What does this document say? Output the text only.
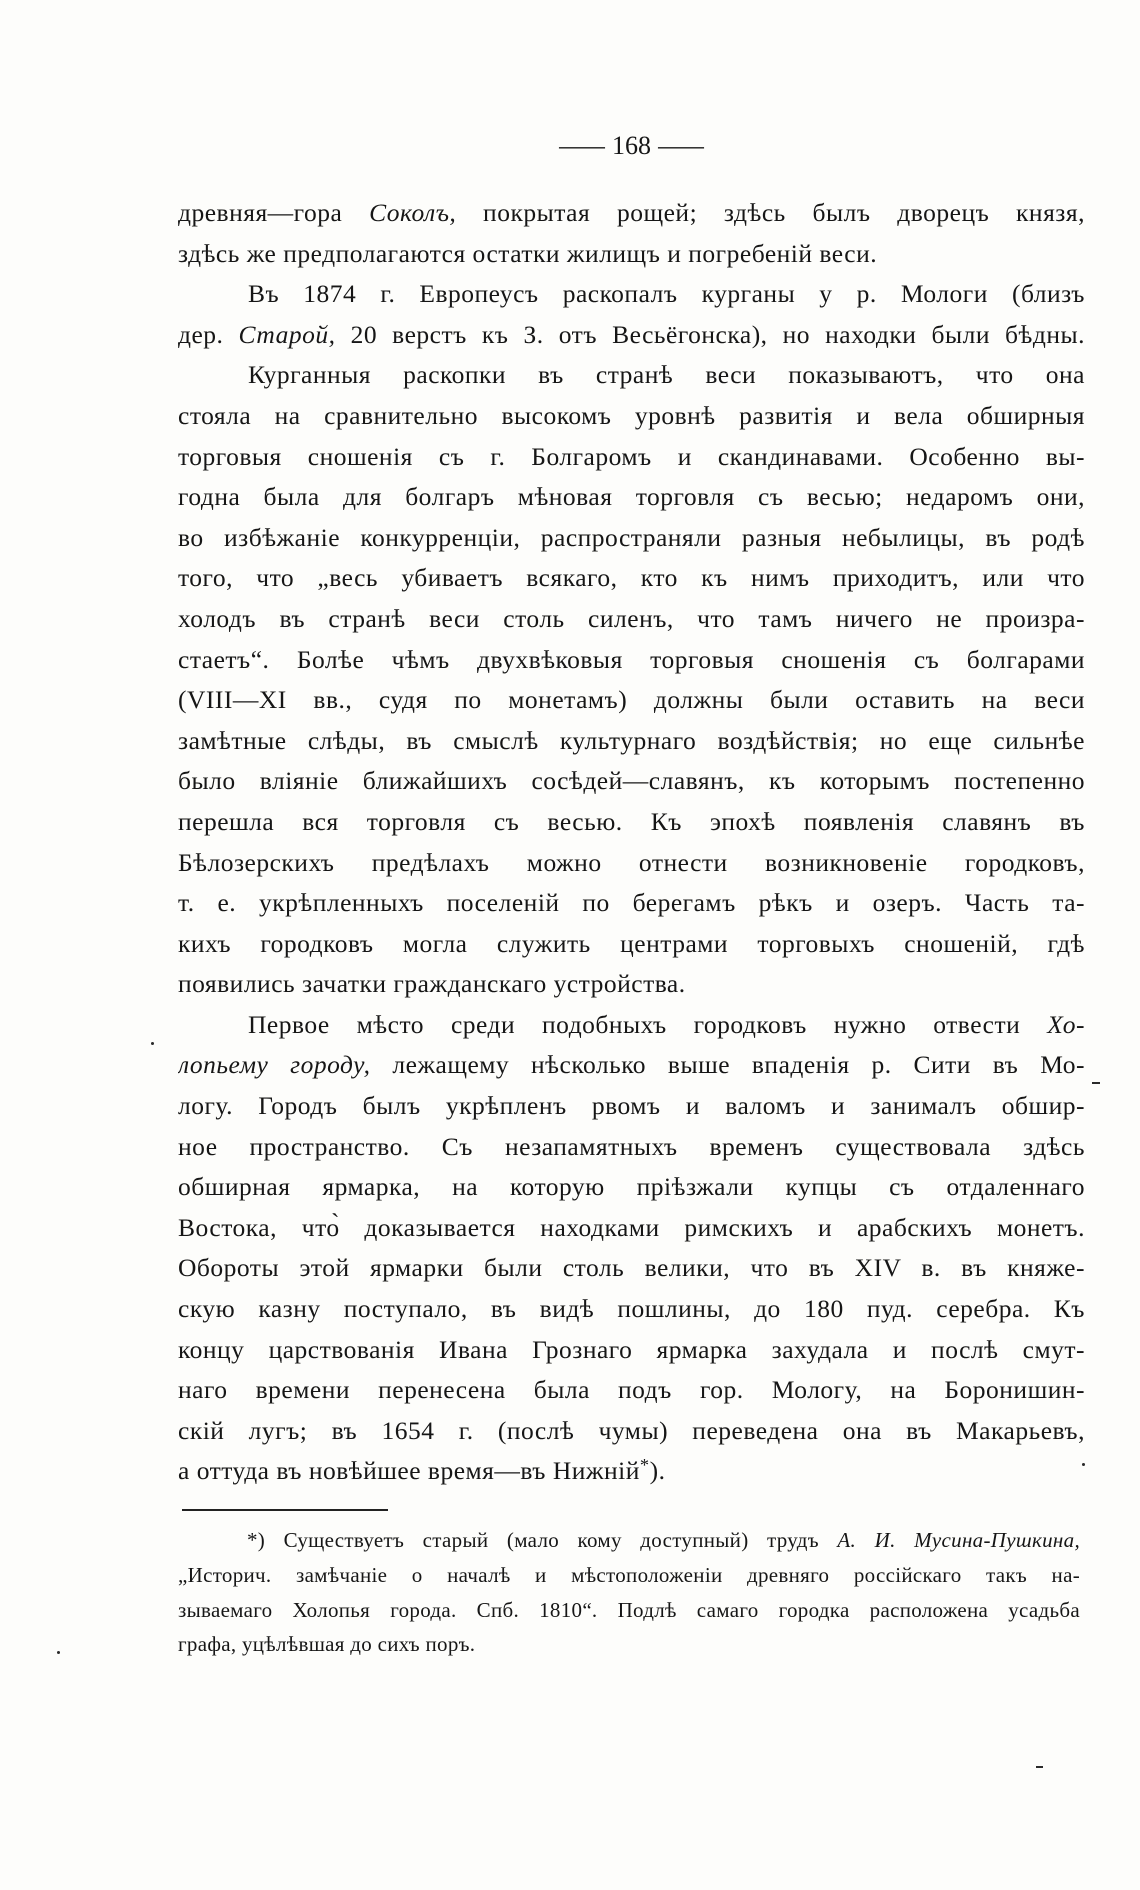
— 168 —
древняя—гора Соколъ, покрытая рощей; здѣсь былъ дворецъ князя,
здѣсь же предполагаются остатки жилищъ и погребеній веси.
Въ 1874 г. Европеусъ раскопалъ курганы у р. Мологи (близъ
дер. Старой, 20 верстъ къ З. отъ Весьёгонска), но находки были бѣдны.
Курганныя раскопки въ странѣ веси показываютъ, что она
стояла на сравнительно высокомъ уровнѣ развитія и вела обширныя
торговыя сношенія съ г. Болгаромъ и скандинавами. Особенно вы-
годна была для болгаръ мѣновая торговля съ весью; недаромъ они,
во избѣжаніе конкурренціи, распространяли разныя небылицы, въ родѣ
того, что „весь убиваетъ всякаго, кто къ нимъ приходитъ, или что
холодъ въ странѣ веси столь силенъ, что тамъ ничего не произра-
стаетъ“. Болѣе чѣмъ двухвѣковыя торговыя сношенія съ болгарами
(VIII—XI вв., судя по монетамъ) должны были оставить на веси
замѣтные слѣды, въ смыслѣ культурнаго воздѣйствія; но еще сильнѣе
было вліяніе ближайшихъ сосѣдей—славянъ, къ которымъ постепенно
перешла вся торговля съ весью. Къ эпохѣ появленія славянъ въ
Бѣлозерскихъ предѣлахъ можно отнести возникновеніе городковъ,
т. е. укрѣпленныхъ поселеній по берегамъ рѣкъ и озеръ. Часть та-
кихъ городковъ могла служить центрами торговыхъ сношеній, гдѣ
появились зачатки гражданскаго устройства.
Первое мѣсто среди подобныхъ городковъ нужно отвести Хо-
лопьему городу, лежащему нѣсколько выше впаденія р. Сити въ Мо-
логу. Городъ былъ укрѣпленъ рвомъ и валомъ и занималъ обшир-
ное пространство. Съ незапамятныхъ временъ существовала здѣсь
обширная ярмарка, на которую пріѣзжали купцы съ отдаленнаго
Востока, что̀ доказывается находками римскихъ и арабскихъ монетъ.
Обороты этой ярмарки были столь велики, что въ XIV в. въ княже-
скую казну поступало, въ видѣ пошлины, до 180 пуд. серебра. Къ
концу царствованія Ивана Грознаго ярмарка захудала и послѣ смут-
наго времени перенесена была подъ гор. Мологу, на Боронишин-
скій лугъ; въ 1654 г. (послѣ чумы) переведена она въ Макарьевъ,
а оттуда въ новѣйшее время—въ Нижній*).
*) Существуетъ старый (мало кому доступный) трудъ А. И. Мусина-Пушкина,
„Историч. замѣчаніе о началѣ и мѣстоположеніи древняго россійскаго такъ на-
зываемаго Холопья города. Спб. 1810“. Подлѣ самаго городка расположена усадьба
графа, уцѣлѣвшая до сихъ поръ.
